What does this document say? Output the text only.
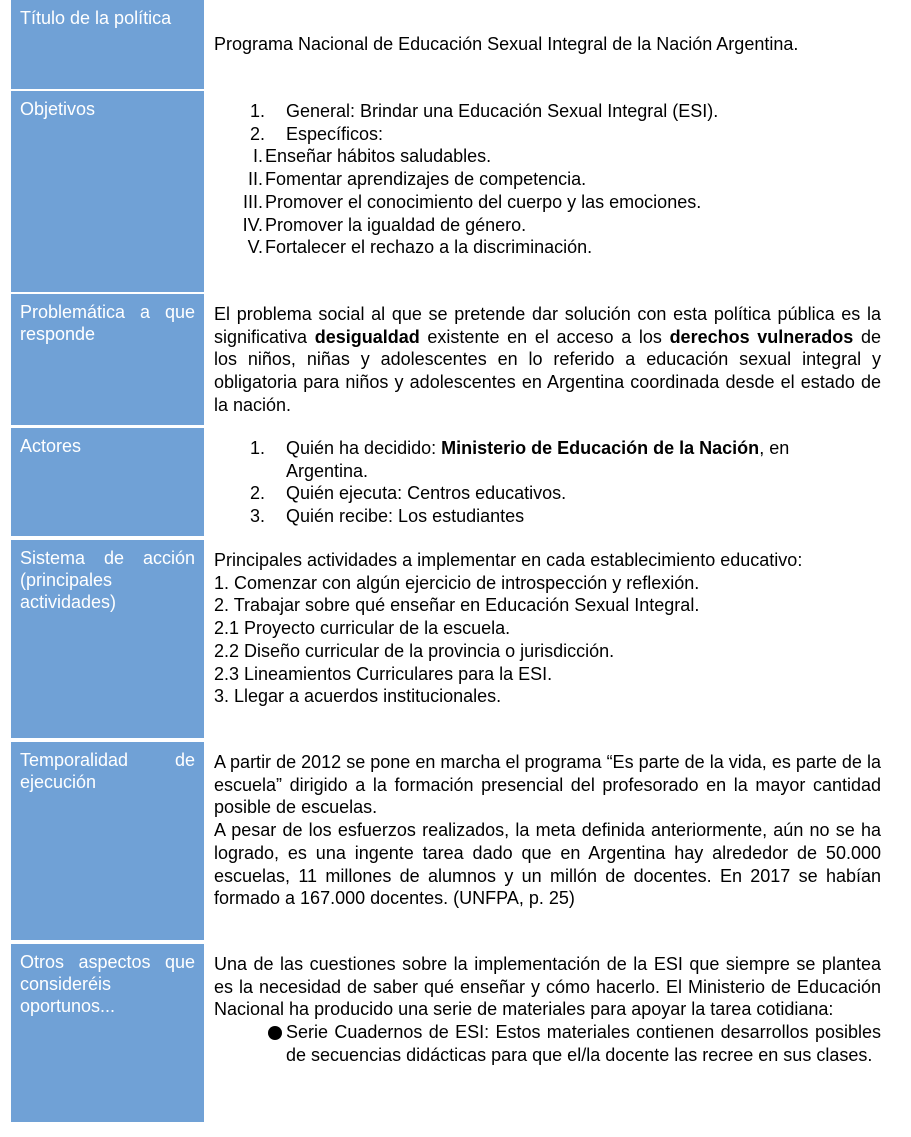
Título de la política
Programa Nacional de Educación Sexual Integral de la Nación Argentina.
Objetivos	1. General: Brindar una Educación Sexual Integral (ESI).
2. Específicos:
I. Enseñar hábitos saludables.
II. Fomentar aprendizajes de competencia.
III. Promover el conocimiento del cuerpo y las emociones.
IV. Promover la igualdad de género.
V. Fortalecer el rechazo a la discriminación.
Problemática a que responde
El problema social al que se pretende dar solución con esta política pública es la significativa desigualdad existente en el acceso a los derechos vulnerados de los niños, niñas y adolescentes en lo referido a educación sexual integral y obligatoria para niños y adolescentes en Argentina coordinada desde el estado de la nación.
Actores	1. Quién ha decidido: Ministerio de Educación de la Nación, en
Argentina.
2. Quién ejecuta: Centros educativos.
3. Quién recibe: Los estudiantes
Sistema de acción (principales actividades)
Principales actividades a implementar en cada establecimiento educativo:
1. Comenzar con algún ejercicio de introspección y reflexión.
2. Trabajar sobre qué enseñar en Educación Sexual Integral.
2.1 Proyecto curricular de la escuela.
2.2 Diseño curricular de la provincia o jurisdicción.
2.3 Lineamientos Curriculares para la ESI.
3. Llegar a acuerdos institucionales.
Temporalidad de ejecución
A partir de 2012 se pone en marcha el programa “Es parte de la vida, es parte de la escuela” dirigido a la formación presencial del profesorado en la mayor cantidad posible de escuelas.
A pesar de los esfuerzos realizados, la meta definida anteriormente, aún no se ha logrado, es una ingente tarea dado que en Argentina hay alrededor de 50.000 escuelas, 11 millones de alumnos y un millón de docentes. En 2017 se habían formado a 167.000 docentes. (UNFPA, p. 25)
Otros aspectos que consideréis oportunos...
Una de las cuestiones sobre la implementación de la ESI que siempre se plantea es la necesidad de saber qué enseñar y cómo hacerlo. El Ministerio de Educación Nacional ha producido una serie de materiales para apoyar la tarea cotidiana:
Serie Cuadernos de ESI: Estos materiales contienen desarrollos posibles de secuencias didácticas para que el/la docente las recree en sus clases.
